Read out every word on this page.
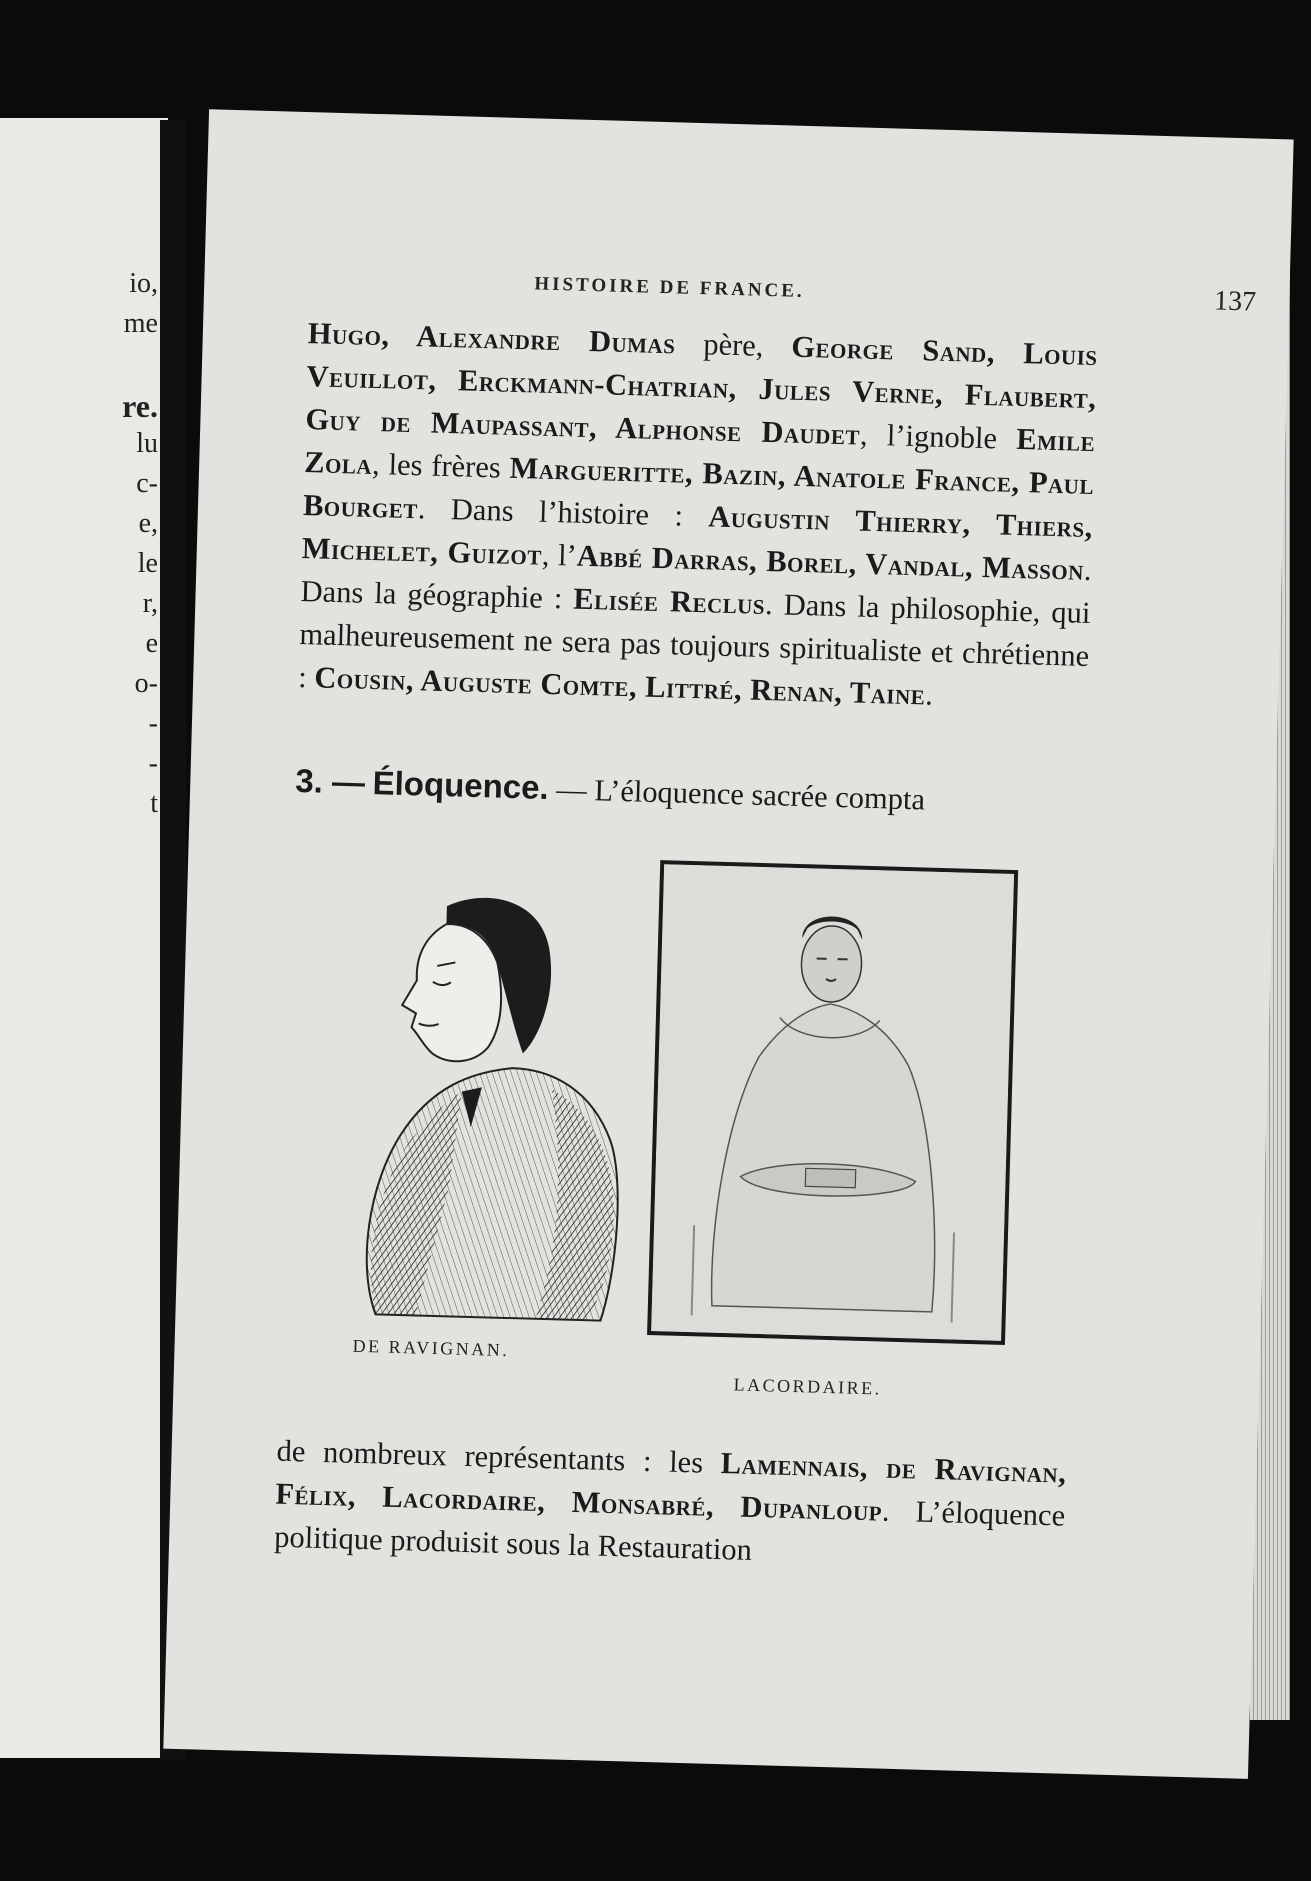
io,
me
re.
lu
c-
e,
le
r,
e
o-
-
-
t
HISTOIRE DE FRANCE.	137
Hugo, Alexandre Dumas père, George Sand, Louis Veuillot, Erckmann-Chatrian, Jules Verne, Flaubert, Guy de Maupassant, Alphonse Daudet, l’ignoble Emile Zola, les frères Margueritte, Bazin, Anatole France, Paul Bourget. Dans l’histoire : Augustin Thierry, Thiers, Michelet, Guizot, l’Abbé Darras, Borel, Vandal, Masson. Dans la géographie : Elisée Reclus. Dans la philosophie, qui malheureusement ne sera pas toujours spiritualiste et chrétienne : Cousin, Auguste Comte, Littré, Renan, Taine.
3. — Éloquence. — L’éloquence sacrée compta
DE RAVIGNAN.
LACORDAIRE.
de nombreux représentants : les Lamennais, de Ravignan, Félix, Lacordaire, Monsabré, Dupanloup. L’éloquence politique produisit sous la Restauration
